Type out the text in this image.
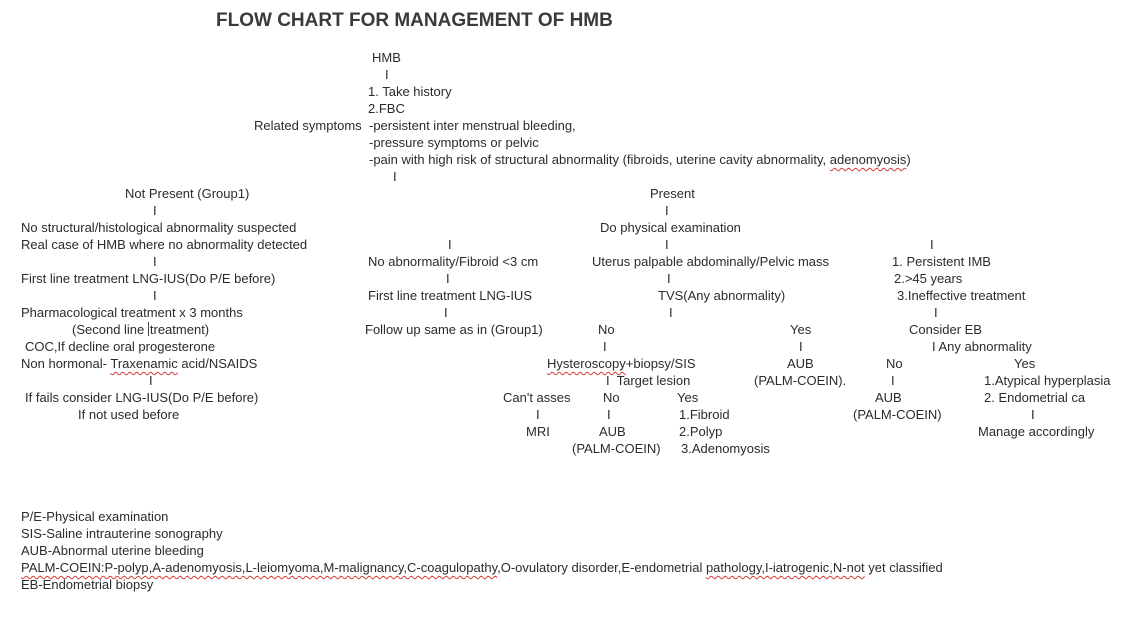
FLOW CHART FOR MANAGEMENT OF HMB
HMB
I
1. Take history
2.FBC
Related symptoms -persistent inter menstrual bleeding,
-pressure symptoms or pelvic
-pain with high risk of structural abnormality (fibroids, uterine cavity abnormality, adenomyosis)
I
Not Present (Group1)
I
No structural/histological abnormality suspected
Real case of HMB where no abnormality detected
I
First line treatment LNG-IUS(Do P/E before)
I
Pharmacological treatment x 3 months
(Second line treatment)
COC,If decline oral progesterone
Non hormonal- Traxenamic acid/NSAIDS
I
If fails consider LNG-IUS(Do P/E before)
If not used before
Present
I
Do physical examination
I	I	I
No abnormality/Fibroid <3 cm
I
First line treatment LNG-IUS
I
Follow up same as in (Group1)
Uterus palpable abdominally/Pelvic mass
I
TVS(Any abnormality)
I
No	Yes
I	I
Hysteroscopy+biopsy/SIS	AUB
(PALM-COEIN).
I  Target lesion
Can't asses
I
MRI
No
I
AUB
(PALM-COEIN)
Yes
1.Fibroid
2.Polyp
3.Adenomyosis
1. Persistent IMB
2.>45 years
3.Ineffective treatment
I
Consider EB
I Any abnormality
No
I
AUB
(PALM-COEIN)
Yes
1.Atypical hyperplasia
2. Endometrial ca
I
Manage accordingly
P/E-Physical examination
SIS-Saline intrauterine sonography
AUB-Abnormal uterine bleeding
PALM-COEIN:P-polyp,A-adenomyosis,L-leiomyoma,M-malignancy,C-coagulopathy,O-ovulatory disorder,E-endometrial pathology,I-iatrogenic,N-not yet classified
EB-Endometrial biopsy
